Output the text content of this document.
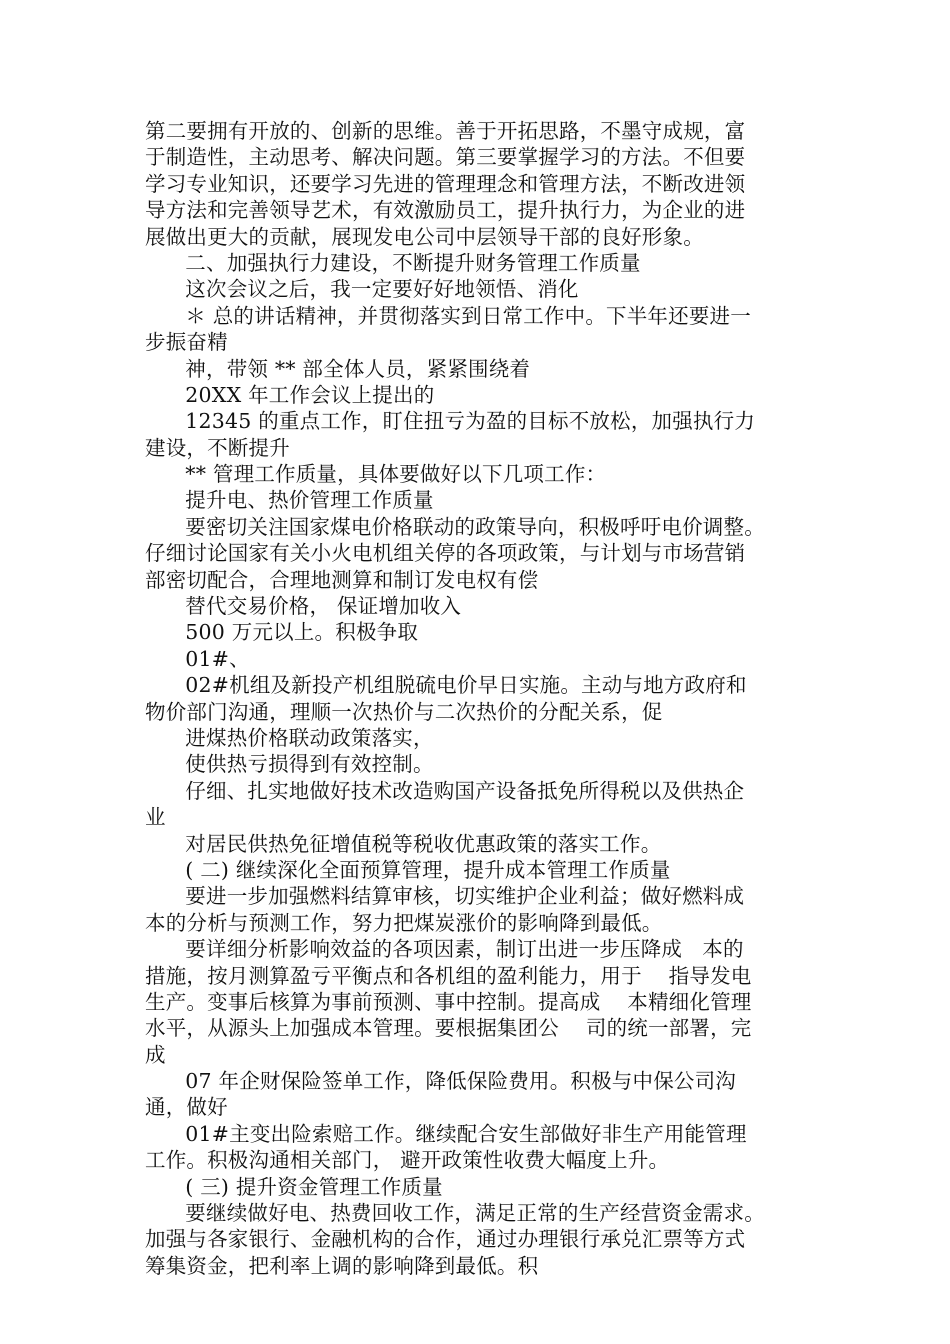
第二要拥有开放的、创新的思维。善于开拓思路，不墨守成规，富
于制造性，主动思考、解决问题。第三要掌握学习的方法。不但要
学习专业知识，还要学习先进的管理理念和管理方法，不断改进领
导方法和完善领导艺术，有效激励员工，提升执行力，为企业的进
展做出更大的贡献，展现发电公司中层领导干部的良好形象。
二、加强执行力建设，不断提升财务管理工作质量
这次会议之后，我一定要好好地领悟、消化
＊ 总的讲话精神，并贯彻落实到日常工作中。下半年还要进一
步振奋精
神，带领 ** 部全体人员，紧紧围绕着
20XX 年工作会议上提出的
12345 的重点工作，盯住扭亏为盈的目标不放松，加强执行力
建设，不断提升
** 管理工作质量，具体要做好以下几项工作：
提升电、热价管理工作质量
要密切关注国家煤电价格联动的政策导向，积极呼吁电价调整。
仔细讨论国家有关小火电机组关停的各项政策，与计划与市场营销
部密切配合，合理地测算和制订发电权有偿
替代交易价格， 保证增加收入
500 万元以上。积极争取
01#、
02#机组及新投产机组脱硫电价早日实施。主动与地方政府和
物价部门沟通，理顺一次热价与二次热价的分配关系，促
进煤热价格联动政策落实，
使供热亏损得到有效控制。
仔细、扎实地做好技术改造购国产设备抵免所得税以及供热企
业
对居民供热免征增值税等税收优惠政策的落实工作。
( 二) 继续深化全面预算管理，提升成本管理工作质量
要进一步加强燃料结算审核，切实维护企业利益；做好燃料成
本的分析与预测工作，努力把煤炭涨价的影响降到最低。
要详细分析影响效益的各项因素，制订出进一步压降成   本的
措施，按月测算盈亏平衡点和各机组的盈利能力，用于    指导发电
生产。变事后核算为事前预测、事中控制。提高成    本精细化管理
水平，从源头上加强成本管理。要根据集团公    司的统一部署，完
成
07 年企财保险签单工作，降低保险费用。积极与中保公司沟
通，做好
01#主变出险索赔工作。继续配合安生部做好非生产用能管理
工作。积极沟通相关部门， 避开政策性收费大幅度上升。
( 三) 提升资金管理工作质量
要继续做好电、热费回收工作，满足正常的生产经营资金需求。
加强与各家银行、金融机构的合作，通过办理银行承兑汇票等方式
筹集资金，把利率上调的影响降到最低。积
